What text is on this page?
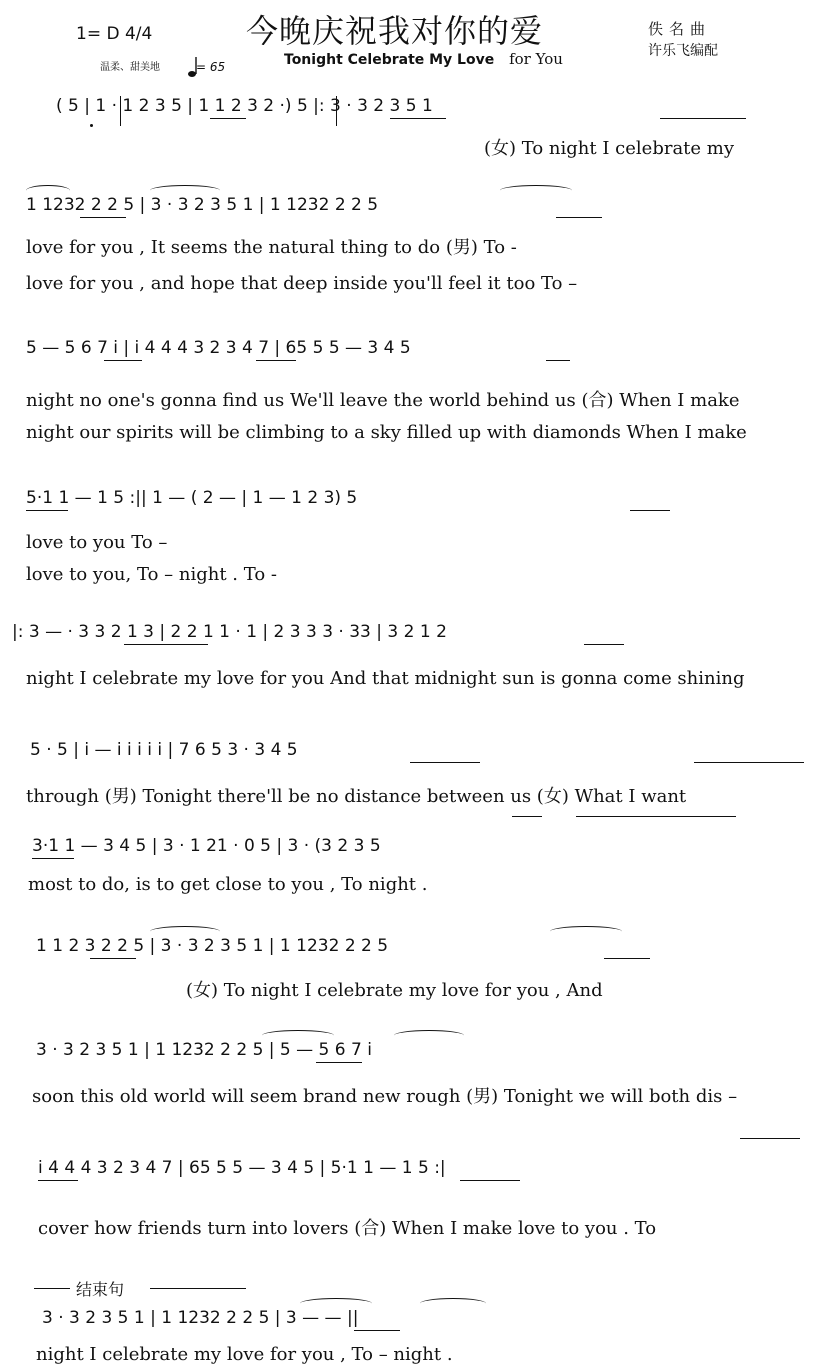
1= D 4/4
温柔、甜美地	= 65
今晚庆祝我对你的爱
Tonight Celebrate My Love for You
佚名曲
许乐飞编配
( 5 | 1 · 1 2 3 5 | 1 1 2 3 2 ·) 5 |: 3 · 3 2 3 5 1
(女) To night I celebrate my
1 1232 2 2 5 | 3 · 3 2 3 5 1 | 1 1232 2 2 5
love for you , It seems the natural thing to do (男) To -
love for you , and hope that deep inside you'll feel it too To –
5 — 5 6 7 i | i 4 4 4 3 2 3 4 7 | 65 5 5 — 3 4 5
night no one's gonna find us We'll leave the world behind us (合) When I make
night our spirits will be climbing to a sky filled up with diamonds When I make
5·1 1 — 1 5 :|| 1 — ( 2 — | 1 — 1 2 3) 5
love to you To –
love to you, To – night . To -
|: 3 — · 3 3 2 1 3 | 2 2 1 1 · 1 | 2 3 3 3 · 33 | 3 2 1 2
night I celebrate my love for you And that midnight sun is gonna come shining
5 · 5 | i — i i i i i | 7 6 5 3 · 3 4 5
through (男) Tonight there'll be no distance between us (女) What I want
3·1 1 — 3 4 5 | 3 · 1 21 · 0 5 | 3 · (3 2 3 5
most to do, is to get close to you , To night .
1 1 2 3 2 2 5 | 3 · 3 2 3 5 1 | 1 1232 2 2 5
(女) To night I celebrate my love for you , And
3 · 3 2 3 5 1 | 1 1232 2 2 5 | 5 — 5 6 7 i
soon this old world will seem brand new rough (男) Tonight we will both dis –
i 4 4 4 3 2 3 4 7 | 65 5 5 — 3 4 5 | 5·1 1 — 1 5 :|
cover how friends turn into lovers (合) When I make love to you . To
结束句
3 · 3 2 3 5 1 | 1 1232 2 2 5 | 3 — — ||
night I celebrate my love for you , To – night .
